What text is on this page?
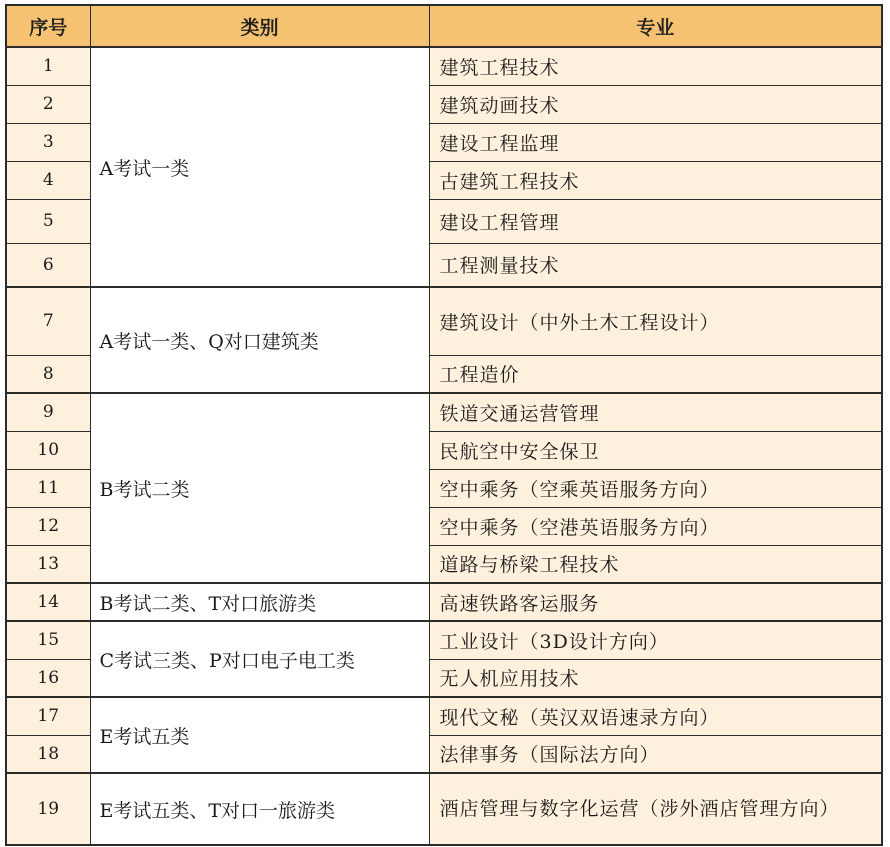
序号	类别	专业
1	A考试一类	建筑工程技术
2		建筑动画技术
3		建设工程监理
4		古建筑工程技术
5		建设工程管理
6		工程测量技术
7	A考试一类、Q对口建筑类	建筑设计（中外土木工程设计）
8		工程造价
9	B考试二类	铁道交通运营管理
10		民航空中安全保卫
11		空中乘务（空乘英语服务方向）
12		空中乘务（空港英语服务方向）
13		道路与桥梁工程技术
14	B考试二类、T对口旅游类	高速铁路客运服务
15	C考试三类、P对口电子电工类	工业设计（3D设计方向）
16		无人机应用技术
17	E考试五类	现代文秘（英汉双语速录方向）
18		法律事务（国际法方向）
19	E考试五类、T对口一旅游类	酒店管理与数字化运营（涉外酒店管理方向）
